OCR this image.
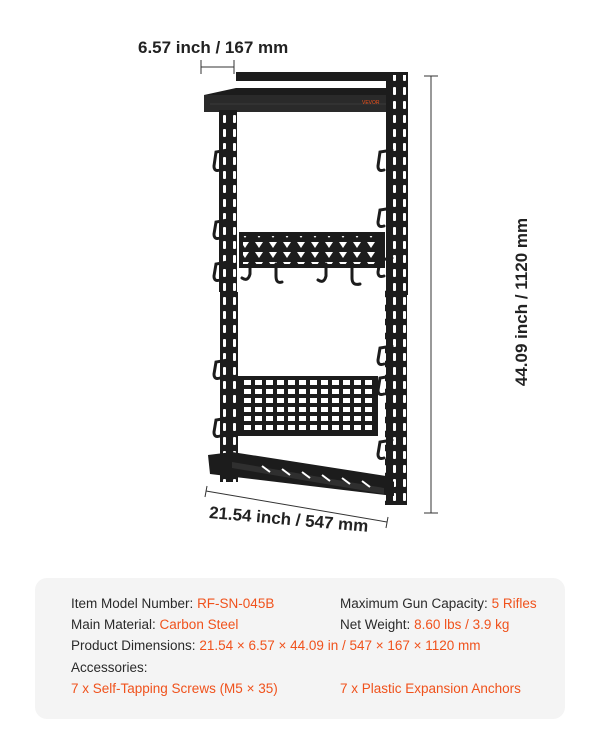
VEVOR
6.57 inch / 167 mm
44.09 inch / 1120 mm
21.54 inch / 547 mm
Item Model Number: RF-SN-045B	Maximum Gun Capacity: 5 Rifles
Main Material: Carbon Steel	Net Weight: 8.60 lbs / 3.9 kg
Product Dimensions: 21.54 × 6.57 × 44.09 in / 547 × 167 × 1120 mm
Accessories:
7 x Self-Tapping Screws (M5 × 35)	7 x Plastic Expansion Anchors
